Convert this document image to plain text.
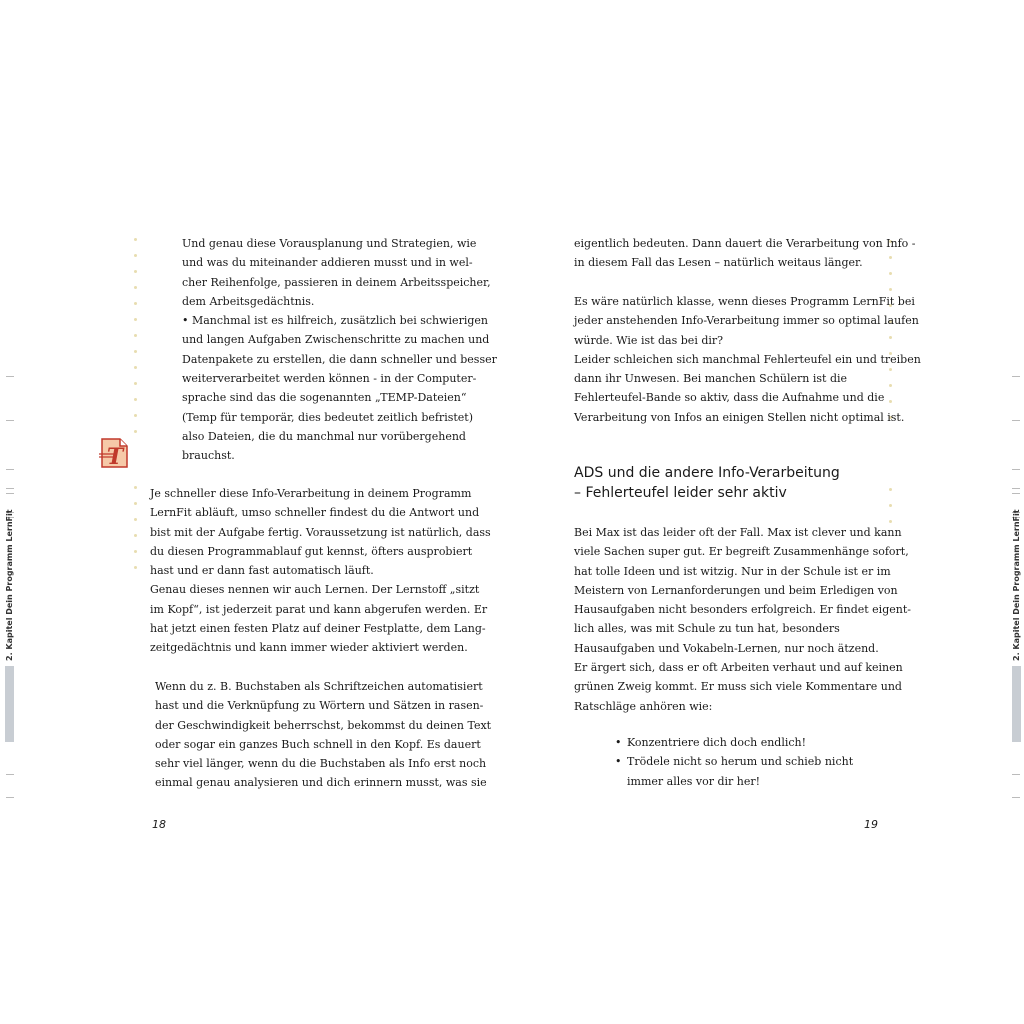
Und genau diese Vorausplanung und Strategien, wie
und was du miteinander addieren musst und in wel-
cher Reihenfolge, passieren in deinem Arbeitsspeicher,
dem Arbeitsgedächtnis.
• Manchmal ist es hilfreich, zusätzlich bei schwierigen
und langen Aufgaben Zwischenschritte zu machen und
Datenpakete zu erstellen, die dann schneller und besser
weiterverarbeitet werden können - in der Computer-
sprache sind das die sogenannten „TEMP-Dateien“
(Temp für temporär, dies bedeutet zeitlich befristet)
also Dateien, die du manchmal nur vorübergehend
brauchst.
T
Je schneller diese Info-Verarbeitung in deinem Programm
LernFit abläuft, umso schneller findest du die Antwort und
bist mit der Aufgabe fertig. Voraussetzung ist natürlich, dass
du diesen Programmablauf gut kennst, öfters ausprobiert
hast und er dann fast automatisch läuft.
Genau dieses nennen wir auch Lernen. Der Lernstoff „sitzt
im Kopf“, ist jederzeit parat und kann abgerufen werden. Er
hat jetzt einen festen Platz auf deiner Festplatte, dem Lang-
zeitgedächtnis und kann immer wieder aktiviert werden.
Wenn du z. B. Buchstaben als Schriftzeichen automatisiert
hast und die Verknüpfung zu Wörtern und Sätzen in rasen-
der Geschwindigkeit beherrschst, bekommst du deinen Text
oder sogar ein ganzes Buch schnell in den Kopf. Es dauert
sehr viel länger, wenn du die Buchstaben als Info erst noch
einmal genau analysieren und dich erinnern musst, was sie
18
2. Kapitel Dein Programm LernFit
eigentlich bedeuten. Dann dauert die Verarbeitung von Info -
in diesem Fall das Lesen – natürlich weitaus länger.
Es wäre natürlich klasse, wenn dieses Programm LernFit bei
jeder anstehenden Info-Verarbeitung immer so optimal laufen
würde. Wie ist das bei dir?
Leider schleichen sich manchmal Fehlerteufel ein und treiben
dann ihr Unwesen. Bei manchen Schülern ist die
Fehlerteufel-Bande so aktiv, dass die Aufnahme und die
Verarbeitung von Infos an einigen Stellen nicht optimal ist.
ADS und die andere Info-Verarbeitung
– Fehlerteufel leider sehr aktiv
Bei Max ist das leider oft der Fall. Max ist clever und kann
viele Sachen super gut. Er begreift Zusammenhänge sofort,
hat tolle Ideen und ist witzig. Nur in der Schule ist er im
Meistern von Lernanforderungen und beim Erledigen von
Hausaufgaben nicht besonders erfolgreich. Er findet eigent-
lich alles, was mit Schule zu tun hat, besonders
Hausaufgaben und Vokabeln-Lernen, nur noch ätzend.
Er ärgert sich, dass er oft Arbeiten verhaut und auf keinen
grünen Zweig kommt. Er muss sich viele Kommentare und
Ratschläge anhören wie:
• Konzentriere dich doch endlich!
• Trödele nicht so herum und schieb nicht
immer alles vor dir her!
19
2. Kapitel Dein Programm LernFit
